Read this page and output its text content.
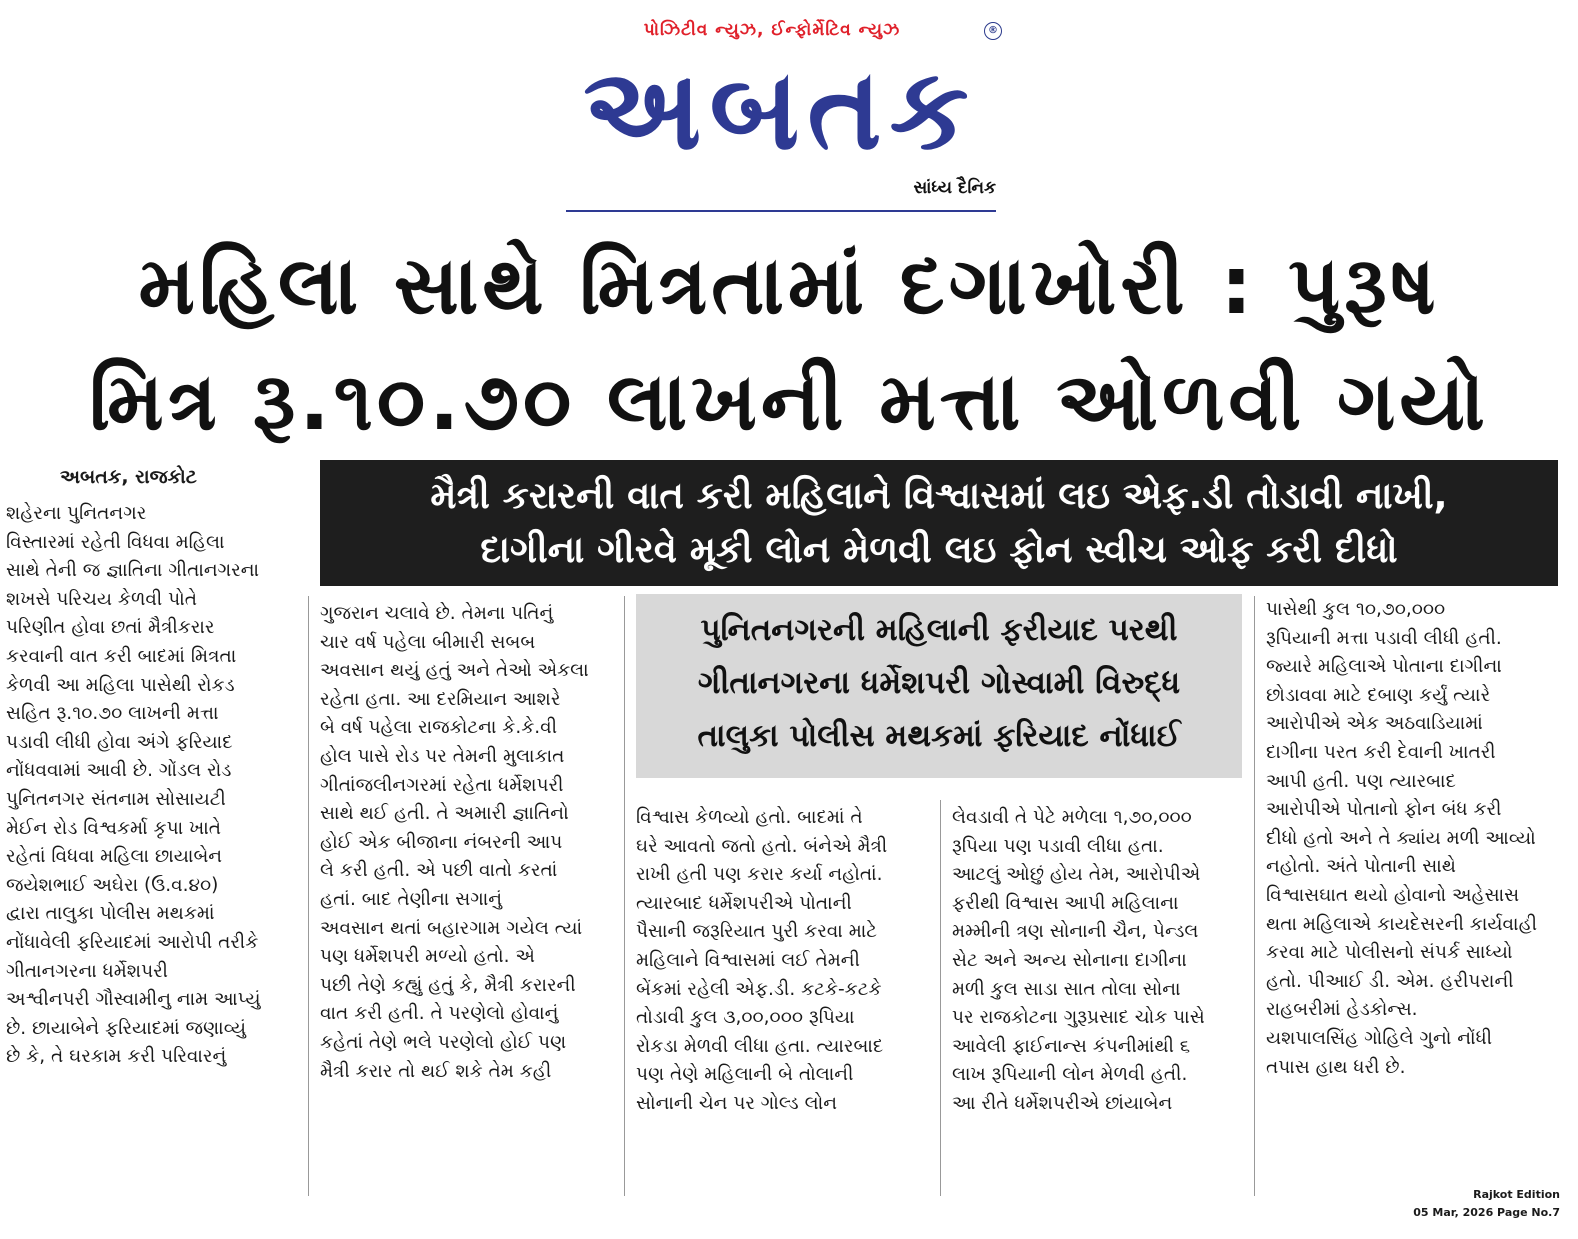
પોઝિટીવ ન્યુઝ, ઈન્ફોર્મેટિવ ન્યુઝ	®
અબતક
સાંધ્ય દૈનિક
મહિલા સાથે મિત્રતામાં દગાખોરી : પુરૂષ
મિત્ર રૂ.૧૦.૭૦ લાખની મત્તા ઓળવી ગયો
અબતક, રાજકોટ	મૈત્રી કરારની વાત કરી મહિલાને વિશ્વાસમાં લઇ એફ.ડી તોડાવી નાખી,
દાગીના ગીરવે મૂકી લોન મેળવી લઇ ફોન સ્વીચ ઓફ કરી દીધો
પુનિતનગરની મહિલાની ફરીયાદ પરથી
ગીતાનગરના ધર્મેશપરી ગોસ્વામી વિરુદ્ધ
તાલુકા પોલીસ મથકમાં ફરિયાદ નોંધાઈ

શહેરના પુનિતનગર

વિસ્તારમાં રહેતી વિધવા મહિલા

સાથે તેની જ જ્ઞાતિના ગીતાનગરના

શખસે પરિચય કેળવી પોતે

પરિણીત હોવા છતાં મૈત્રીકરાર

કરવાની વાત કરી બાદમાં મિત્રતા

કેળવી આ મહિલા પાસેથી રોકડ

સહિત રૂ.૧૦.૭૦ લાખની મત્તા

પડાવી લીધી હોવા અંગે ફરિયાદ

નોંધવવામાં આવી છે. ગોંડલ રોડ

પુનિતનગર સંતનામ સોસાયટી

મેઈન રોડ વિશ્વકર્મા કૃપા ખાતે

રહેતાં વિધવા મહિલા છાયાબેન

જયેશભાઈ અઘેરા (ઉ.વ.૪૦)

દ્વારા તાલુકા પોલીસ મથકમાં

નોંધાવેલી ફરિયાદમાં આરોપી તરીકે

ગીતાનગરના ધર્મેશપરી

અશ્વીનપરી ગૌસ્વામીનુ નામ આપ્યું

છે. છાયાબેને ફરિયાદમાં જણાવ્યું

છે કે, તે ઘરકામ કરી પરિવારનું

ગુજરાન ચલાવે છે. તેમના પતિનું

ચાર વર્ષ પહેલા બીમારી સબબ

અવસાન થયું હતું અને તેઓ એકલા

રહેતા હતા. આ દરમિયાન આશરે

બે વર્ષ પહેલા રાજકોટના કે.કે.વી

હોલ પાસે રોડ પર તેમની મુલાકાત

ગીતાંજલીનગરમાં રહેતા ધર્મેશપરી

સાથે થઈ હતી. તે અમારી જ્ઞાતિનો

હોઈ એક બીજાના નંબરની આપ

લે કરી હતી. એ પછી વાતો કરતાં

હતાં. બાદ તેણીના સગાનું

અવસાન થતાં બહારગામ ગયેલ ત્યાં

પણ ધર્મેશપરી મળ્યો હતો. એ

પછી તેણે કહ્યું હતું કે, મૈત્રી કરારની

વાત કરી હતી. તે પરણેલો હોવાનું

કહેતાં તેણે ભલે પરણેલો હોઈ પણ

મૈત્રી કરાર તો થઈ શકે તેમ કહી

વિશ્વાસ કેળવ્યો હતો. બાદમાં તે

ઘરે આવતો જતો હતો. બંનેએ મૈત્રી

રાખી હતી પણ કરાર કર્યા નહોતાં.

ત્યારબાદ ધર્મેશપરીએ પોતાની

પૈસાની જરૂરિયાત પુરી કરવા માટે

મહિલાને વિશ્વાસમાં લઈ તેમની

બેંકમાં રહેલી એફ.ડી. કટકે-કટકે

તોડાવી કુલ ૩,૦૦,૦૦૦ રૂપિયા

રોકડા મેળવી લીધા હતા. ત્યારબાદ

પણ તેણે મહિલાની બે તોલાની

સોનાની ચેન પર ગોલ્ડ લોન

લેવડાવી તે પેટે મળેલા ૧,૭૦,૦૦૦

રૂપિયા પણ પડાવી લીધા હતા.

આટલું ઓછું હોય તેમ, આરોપીએ

ફરીથી વિશ્વાસ આપી મહિલાના

મમ્મીની ત્રણ સોનાની ચૈન, પેન્ડલ

સેટ અને અન્ય સોનાના દાગીના

મળી કુલ સાડા સાત તોલા સોના

પર રાજકોટના ગુરૂપ્રસાદ ચોક પાસે

આવેલી ફાઈનાન્સ કંપનીમાંથી ૬

લાખ રૂપિયાની લોન મેળવી હતી.

આ રીતે ધર્મેશપરીએ છાંયાબેન

પાસેથી કુલ ૧૦,૭૦,૦૦૦

રૂપિયાની મત્તા પડાવી લીધી હતી.

જ્યારે મહિલાએ પોતાના દાગીના

છોડાવવા માટે દબાણ કર્યું ત્યારે

આરોપીએ એક અઠવાડિયામાં

દાગીના પરત કરી દેવાની ખાતરી

આપી હતી. પણ ત્યારબાદ

આરોપીએ પોતાનો ફોન બંધ કરી

દીધો હતો અને તે ક્યાંય મળી આવ્યો

નહોતો. અંતે પોતાની સાથે

વિશ્વાસઘાત થયો હોવાનો અહેસાસ

થતા મહિલાએ કાયદેસરની કાર્યવાહી

કરવા માટે પોલીસનો સંપર્ક સાધ્યો

હતો. પીઆઈ ડી. એમ. હરીપરાની

રાહબરીમાં હેડકોન્સ.

યશપાલસિંહ ગોહિલે ગુનો નોંધી

તપાસ હાથ ધરી છે.

Rajkot Edition
05 Mar, 2026 Page No.7
